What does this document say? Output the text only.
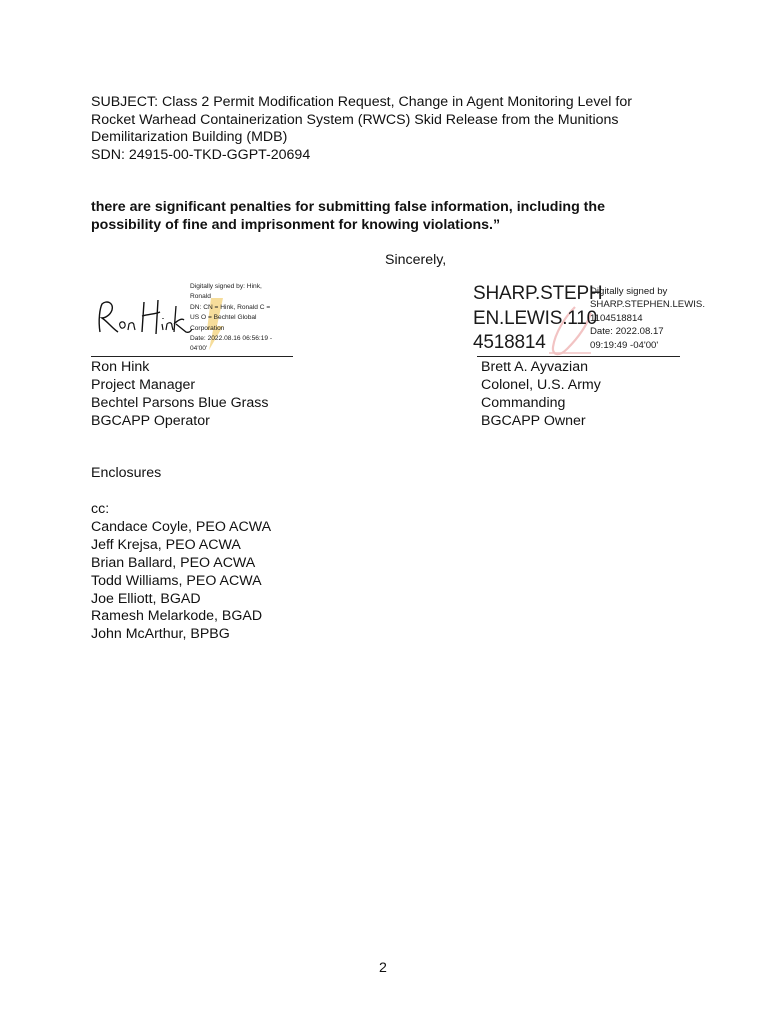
SUBJECT: Class 2 Permit Modification Request, Change in Agent Monitoring Level for
Rocket Warhead Containerization System (RWCS) Skid Release from the Munitions
Demilitarization Building (MDB)
SDN: 24915-00-TKD-GGPT-20694
there are significant penalties for submitting false information, including the
possibility of fine and imprisonment for knowing violations.”
Sincerely,
Digitally signed by: Hink,
Ronald
DN: CN = Hink, Ronald C =
US O = Bechtel Global
Corporation
Date: 2022.08.16 06:56:19 -
04'00'
SHARP.STEPH
EN.LEWIS.110
4518814
Digitally signed by
SHARP.STEPHEN.LEWIS.
1104518814
Date: 2022.08.17
09:19:49 -04'00'
Ron Hink
Project Manager
Bechtel Parsons Blue Grass
BGCAPP Operator
Brett A. Ayvazian
Colonel, U.S. Army
Commanding
BGCAPP Owner
Enclosures
cc:
Candace Coyle, PEO ACWA
Jeff Krejsa, PEO ACWA
Brian Ballard, PEO ACWA
Todd Williams, PEO ACWA
Joe Elliott, BGAD
Ramesh Melarkode, BGAD
John McArthur, BPBG
2
